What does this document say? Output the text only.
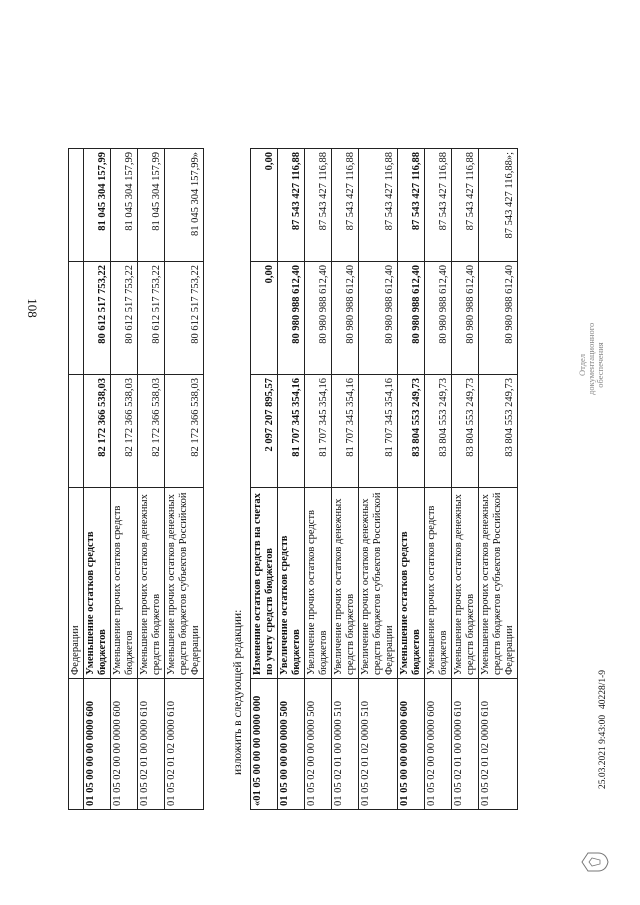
	Федерации			
01 05 00 00 00 0000 600	Уменьшение остатков средств бюджетов	82 172 366 538,03	80 612 517 753,22	81 045 304 157,99
01 05 02 00 00 0000 600	Уменьшение прочих остатков средств бюджетов	82 172 366 538,03	80 612 517 753,22	81 045 304 157,99
01 05 02 01 00 0000 610	Уменьшение прочих остатков денежных средств бюджетов	82 172 366 538,03	80 612 517 753,22	81 045 304 157,99
01 05 02 01 02 0000 610	Уменьшение прочих остатков денежных средств бюджетов субъектов Российской Федерации	82 172 366 538,03	80 612 517 753,22	81 045 304 157,99»
изложить в следующей редакции: «01 05 00 00 00 0000 000	Изменение остатков средств на счетах по учету средств бюджетов	2 097 207 895,57	0,00	0,00
01 05 00 00 00 0000 500	Увеличение остатков средств бюджетов	81 707 345 354,16	80 980 988 612,40	87 543 427 116,88
01 05 02 00 00 0000 500	Увеличение прочих остатков средств бюджетов	81 707 345 354,16	80 980 988 612,40	87 543 427 116,88
01 05 02 01 00 0000 510	Увеличение прочих остатков денежных средств бюджетов	81 707 345 354,16	80 980 988 612,40	87 543 427 116,88
01 05 02 01 02 0000 510	Увеличение прочих остатков денежных средств бюджетов субъектов Российской Федерации	81 707 345 354,16	80 980 988 612,40	87 543 427 116,88
01 05 00 00 00 0000 600	Уменьшение остатков средств бюджетов	83 804 553 249,73	80 980 988 612,40	87 543 427 116,88
01 05 02 00 00 0000 600	Уменьшение прочих остатков средств бюджетов	83 804 553 249,73	80 980 988 612,40	87 543 427 116,88
01 05 02 01 00 0000 610	Уменьшение прочих остатков денежных средств бюджетов	83 804 553 249,73	80 980 988 612,40	87 543 427 116,88
01 05 02 01 02 0000 610	Уменьшение прочих остатков денежных средств бюджетов субъектов Российской Федерации	83 804 553 249,73	80 980 988 612,40	87 543 427 116,88»;
25.03.2021 9:43:00
40228/1-9
Отдел документационного обеспечения
108
